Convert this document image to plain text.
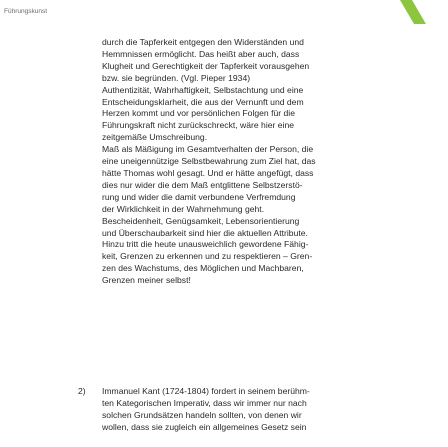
Führungskunst
durch die Tapferkeit entgegen den Widerständen und
Hemmnissen ermöglicht. Das heißt aber auch, dass
Klugheit und Gerechtigkeit der Tapferkeit vorausgehen
bzw. sie begründen. (Vgl. Pieper 1934)
Authentizität, Wahrhaftigkeit, Selbstachtung und eine
Entscheidungsklarheit, die aus der Vernunft und dem
Herzen kommt und vor persönlichen Folgen für die
Führungskraft nicht zurückschreckt, wäre hier eine
zeitgemäße Umschreibung.
Maß als Mäßigung im Gesamtverhalten der Person, die
eine uneigennützige Selbstbewahrung zum Ziel hat, das
hätte Thomas wohl gesagt. Und er hätte angefügt, dass
dies nur wider die dem Maß entglittene Selbstzerstö-
rung und wider die damit verbundene Verfremdung
der Wirklichkeit in der Wahrnehmung geht.
Bescheidenheit, Genügsamkeit, Lebensorientierung
und Überschaubarkeit sind hier die aktuellen Attribute.
Hinzu tritt die heute unausweichlich gewordene Fähig-
keit, Grenzen zu erkennen und zu respektieren – Gren-
zen des Wachstums, des Möglichen und Machbaren,
Grenzen meiner selbst!
2) Immanuel Kant (1724-1804) fordert in seinem berühm-
ten Kategorischen Imperativ, dass wir immer nur nach
solchen Grundsätzen handeln sollten, von denen wir
wollen, dass sie zugleich ein allgemeines Gesetz sein
